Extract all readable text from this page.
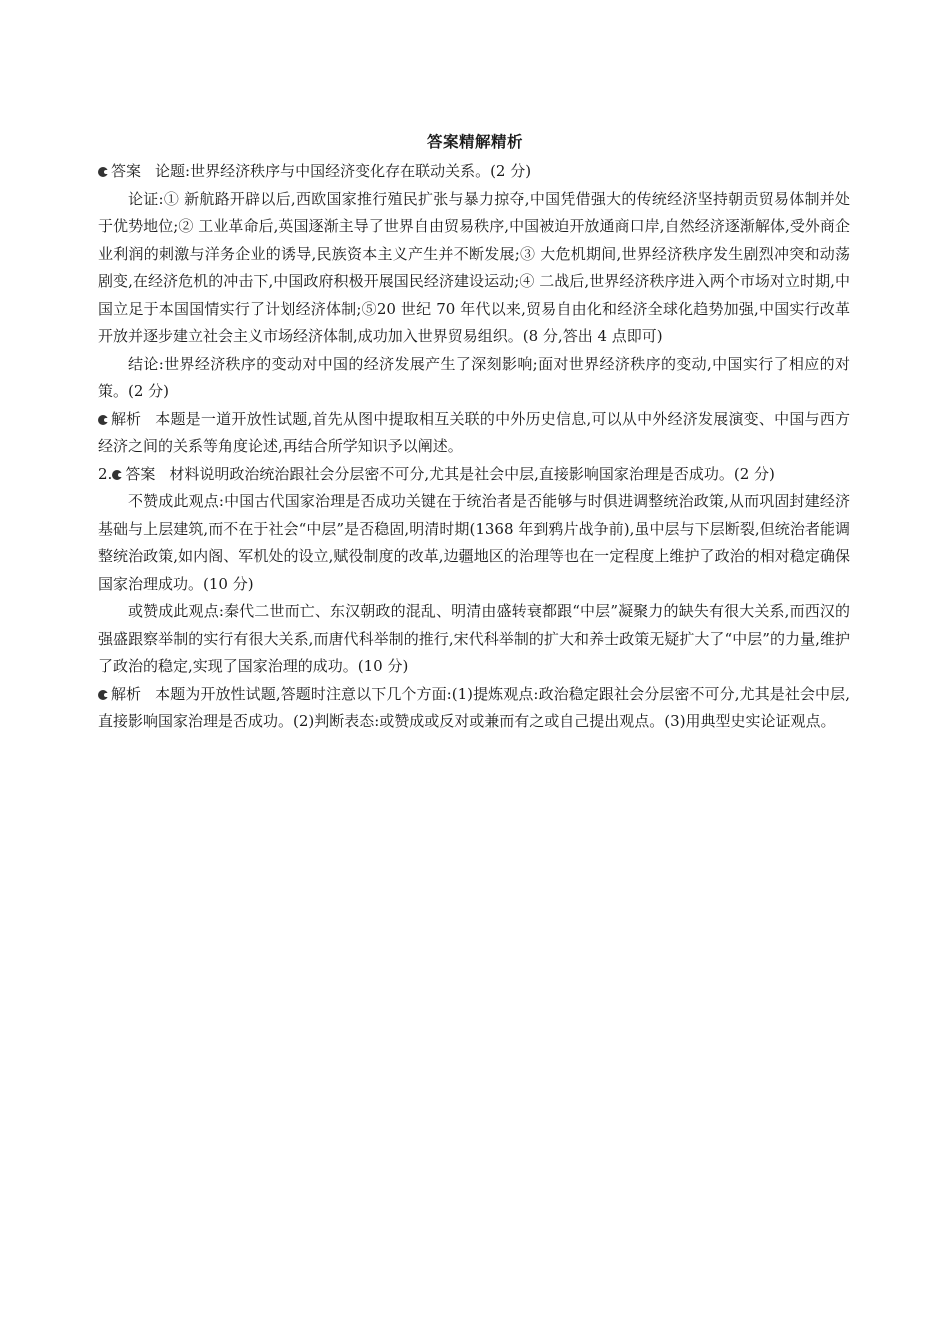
答案精解精析

答案 论题:世界经济秩序与中国经济变化存在联动关系。(2 分)

论证:① 新航路开辟以后,西欧国家推行殖民扩张与暴力掠夺,中国凭借强大的传统经济坚持朝贡贸易体制并处于优势地位;② 工业革命后,英国逐渐主导了世界自由贸易秩序,中国被迫开放通商口岸,自然经济逐渐解体,受外商企业利润的刺激与洋务企业的诱导,民族资本主义产生并不断发展;③ 大危机期间,世界经济秩序发生剧烈冲突和动荡剧变,在经济危机的冲击下,中国政府积极开展国民经济建设运动;④ 二战后,世界经济秩序进入两个市场对立时期,中国立足于本国国情实行了计划经济体制;⑤20 世纪 70 年代以来,贸易自由化和经济全球化趋势加强,中国实行改革开放并逐步建立社会主义市场经济体制,成功加入世界贸易组织。(8 分,答出 4 点即可)

结论:世界经济秩序的变动对中国的经济发展产生了深刻影响;面对世界经济秩序的变动,中国实行了相应的对策。(2 分)

解析 本题是一道开放性试题,首先从图中提取相互关联的中外历史信息,可以从中外经济发展演变、中国与西方经济之间的关系等角度论述,再结合所学知识予以阐述。

2. 答案 材料说明政治统治跟社会分层密不可分,尤其是社会中层,直接影响国家治理是否成功。(2 分)

不赞成此观点:中国古代国家治理是否成功关键在于统治者是否能够与时俱进调整统治政策,从而巩固封建经济基础与上层建筑,而不在于社会“中层”是否稳固,明清时期(1368 年到鸦片战争前),虽中层与下层断裂,但统治者能调整统治政策,如内阁、军机处的设立,赋役制度的改革,边疆地区的治理等也在一定程度上维护了政治的相对稳定确保国家治理成功。(10 分)

或赞成此观点:秦代二世而亡、东汉朝政的混乱、明清由盛转衰都跟“中层”凝聚力的缺失有很大关系,而西汉的强盛跟察举制的实行有很大关系,而唐代科举制的推行,宋代科举制的扩大和养士政策无疑扩大了“中层”的力量,维护了政治的稳定,实现了国家治理的成功。(10 分)

解析 本题为开放性试题,答题时注意以下几个方面:(1)提炼观点:政治稳定跟社会分层密不可分,尤其是社会中层,直接影响国家治理是否成功。(2)判断表态:或赞成或反对或兼而有之或自己提出观点。(3)用典型史实论证观点。
